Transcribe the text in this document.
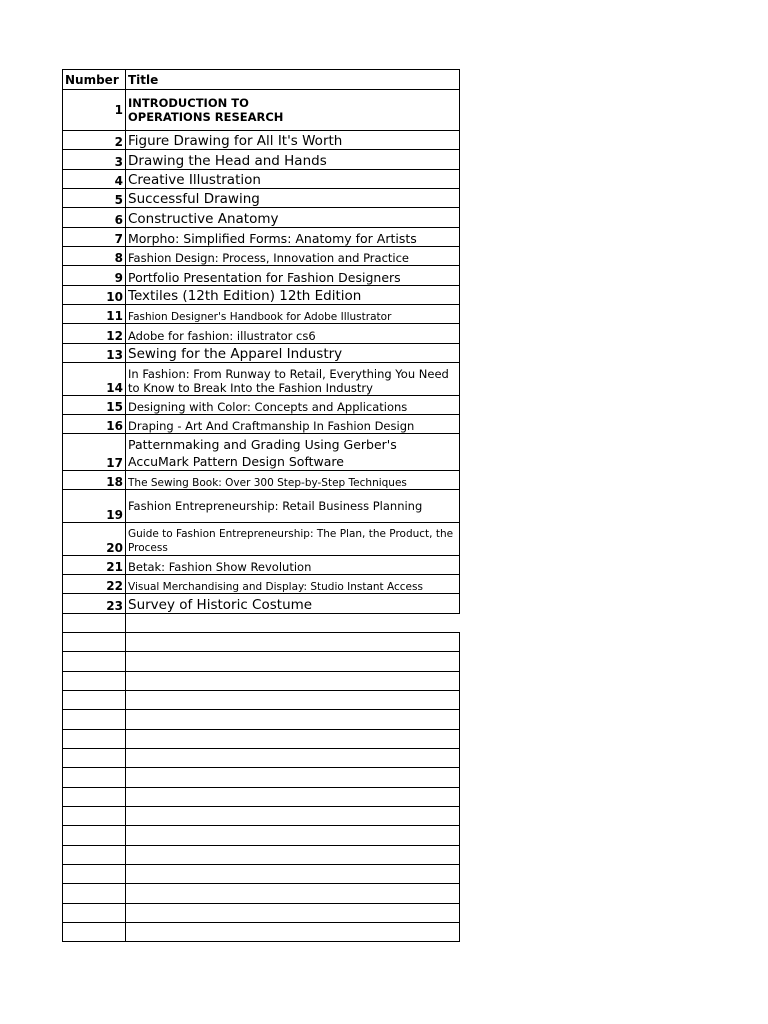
Number	Title
1	INTRODUCTION TO
OPERATIONS RESEARCH
2	Figure Drawing for All It's Worth
3	Drawing the Head and Hands
4	Creative Illustration
5	Successful Drawing
6	Constructive Anatomy
7	Morpho: Simplified Forms: Anatomy for Artists
8	Fashion Design: Process, Innovation and Practice
9	Portfolio Presentation for Fashion Designers
10	Textiles (12th Edition) 12th Edition
11	Fashion Designer's Handbook for Adobe Illustrator
12	Adobe for fashion: illustrator cs6
13	Sewing for the Apparel Industry
14	In Fashion: From Runway to Retail, Everything You Need to Know to Break Into the Fashion Industry
15	Designing with Color: Concepts and Applications
16	Draping - Art And Craftmanship In Fashion Design
17	Patternmaking and Grading Using Gerber's AccuMark Pattern Design Software
18	The Sewing Book: Over 300 Step-by-Step Techniques
19	Fashion Entrepreneurship: Retail Business Planning
20	Guide to Fashion Entrepreneurship: The Plan, the Product, the Process
21	Betak: Fashion Show Revolution
22	Visual Merchandising and Display: Studio Instant Access
23	Survey of Historic Costume
